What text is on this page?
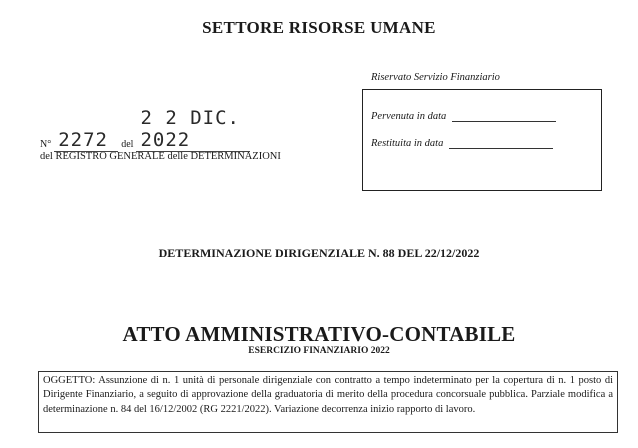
SETTORE RISORSE UMANE
Riservato Servizio Finanziario
Pervenuta in data
Restituita in data
N° 2272	del
2 2 DIC. 2022
del REGISTRO GENERALE delle DETERMINAZIONI
DETERMINAZIONE DIRIGENZIALE N. 88 DEL 22/12/2022
ATTO AMMINISTRATIVO-CONTABILE
ESERCIZIO FINANZIARIO 2022
OGGETTO: Assunzione di n. 1 unità di personale dirigenziale con contratto a tempo indeterminato per la copertura di n. 1 posto di Dirigente Finanziario, a seguito di approvazione della graduatoria di merito della procedura concorsuale pubblica. Parziale modifica a determinazione n. 84 del 16/12/2002 (RG 2221/2022). Variazione decorrenza inizio rapporto di lavoro.
